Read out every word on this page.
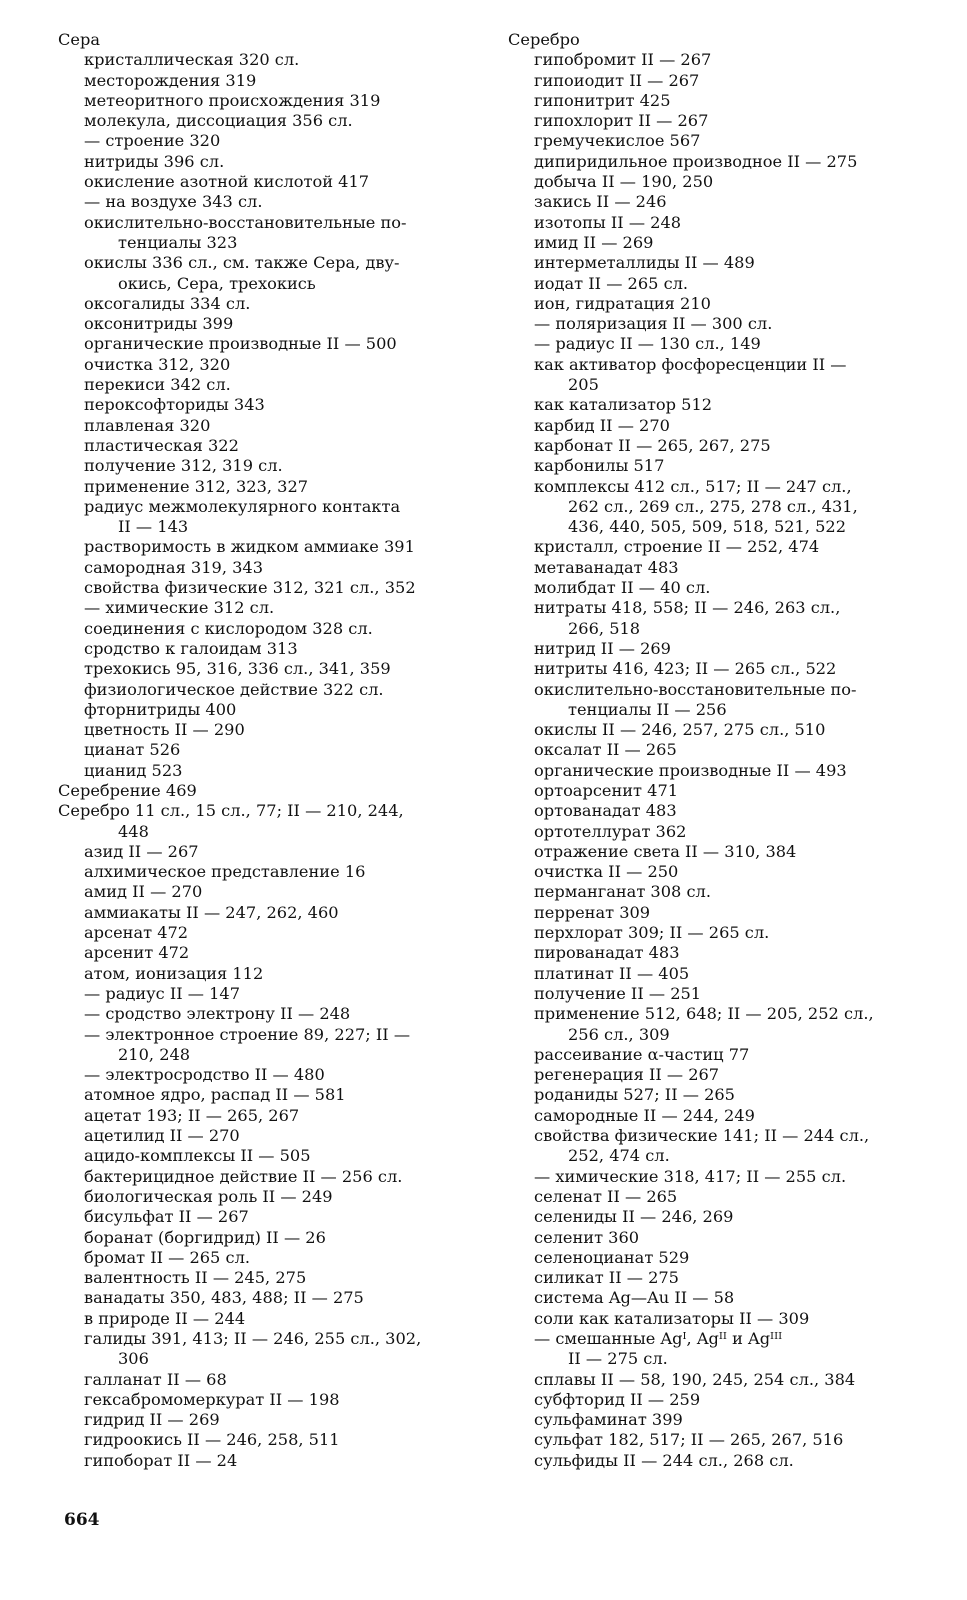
Сера
кристаллическая 320 сл.
месторождения 319
метеоритного происхождения 319
молекула, диссоциация 356 сл.
— строение 320
нитриды 396 сл.
окисление азотной кислотой 417
— на воздухе 343 сл.
окислительно-восстановительные по-
тенциалы 323
окислы 336 сл., см. также Сера, дву-
окись, Сера, трехокись
оксогалиды 334 сл.
оксонитриды 399
органические производные II — 500
очистка 312, 320
перекиси 342 сл.
пероксофториды 343
плавленая 320
пластическая 322
получение 312, 319 сл.
применение 312, 323, 327
радиус межмолекулярного контакта
II — 143
растворимость в жидком аммиаке 391
самородная 319, 343
свойства физические 312, 321 сл., 352
— химические 312 сл.
соединения с кислородом 328 сл.
сродство к галоидам 313
трехокись 95, 316, 336 сл., 341, 359
физиологическое действие 322 сл.
фторнитриды 400
цветность II — 290
цианат 526
цианид 523
Серебрение 469
Серебро 11 сл., 15 сл., 77; II — 210, 244,
448
азид II — 267
алхимическое представление 16
амид II — 270
аммиакаты II — 247, 262, 460
арсенат 472
арсенит 472
атом, ионизация 112
— радиус II — 147
— сродство электрону II — 248
— электронное строение 89, 227; II —
210, 248
— электросродство II — 480
атомное ядро, распад II — 581
ацетат 193; II — 265, 267
ацетилид II — 270
ацидо-комплексы II — 505
бактерицидное действие II — 256 сл.
биологическая роль II — 249
бисульфат II — 267
боранат (боргидрид) II — 26
бромат II — 265 сл.
валентность II — 245, 275
ванадаты 350, 483, 488; II — 275
в природе II — 244
галиды 391, 413; II — 246, 255 сл., 302,
306
галланат II — 68
гексабромомеркурат II — 198
гидрид II — 269
гидроокись II — 246, 258, 511
гипоборат II — 24
Серебро
гипобромит II — 267
гипоиодит II — 267
гипонитрит 425
гипохлорит II — 267
гремучекислое 567
дипиридильное производное II — 275
добыча II — 190, 250
закись II — 246
изотопы II — 248
имид II — 269
интерметаллиды II — 489
иодат II — 265 сл.
ион, гидратация 210
— поляризация II — 300 сл.
— радиус II — 130 сл., 149
как активатор фосфоресценции II —
205
как катализатор 512
карбид II — 270
карбонат II — 265, 267, 275
карбонилы 517
комплексы 412 сл., 517; II — 247 сл.,
262 сл., 269 сл., 275, 278 сл., 431,
436, 440, 505, 509, 518, 521, 522
кристалл, строение II — 252, 474
метаванадат 483
молибдат II — 40 сл.
нитраты 418, 558; II — 246, 263 сл.,
266, 518
нитрид II — 269
нитриты 416, 423; II — 265 сл., 522
окислительно-восстановительные по-
тенциалы II — 256
окислы II — 246, 257, 275 сл., 510
оксалат II — 265
органические производные II — 493
ортоарсенит 471
ортованадат 483
ортотеллурат 362
отражение света II — 310, 384
очистка II — 250
перманганат 308 сл.
перренат 309
перхлорат 309; II — 265 сл.
пированадат 483
платинат II — 405
получение II — 251
применение 512, 648; II — 205, 252 сл.,
256 сл., 309
рассеивание α-частиц 77
регенерация II — 267
роданиды 527; II — 265
самородные II — 244, 249
свойства физические 141; II — 244 сл.,
252, 474 сл.
— химические 318, 417; II — 255 сл.
селенат II — 265
селениды II — 246, 269
селенит 360
селеноцианат 529
силикат II — 275
система Ag—Au II — 58
соли как катализаторы II — 309
— смешанные Agᴵ, Agᴵᴵ и Agᴵᴵᴵ
II — 275 сл.
сплавы II — 58, 190, 245, 254 сл., 384
субфторид II — 259
сульфаминат 399
сульфат 182, 517; II — 265, 267, 516
сульфиды II — 244 сл., 268 сл.
664
